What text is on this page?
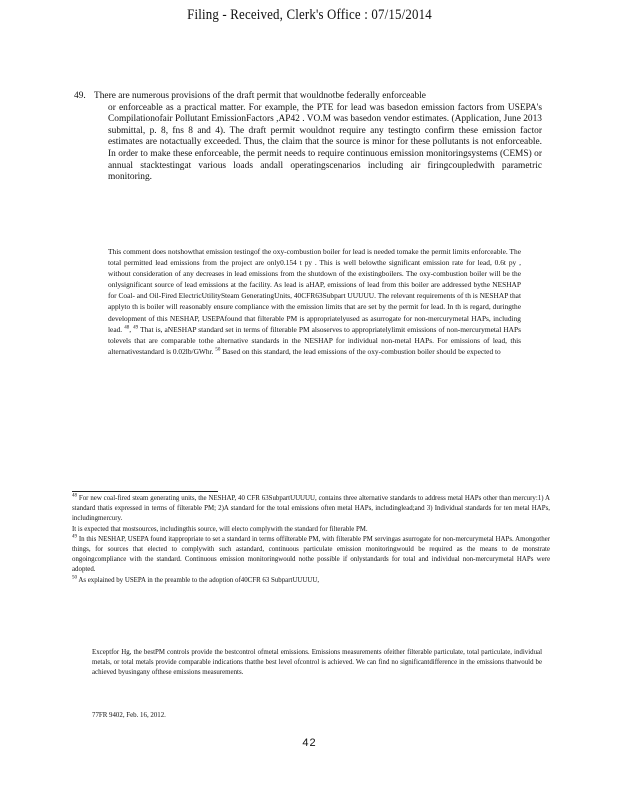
Filing - Received, Clerk's Office : 07/15/2014
49. There are numerous provisions of the draft permit that wouldnotbe federally enforceable
or enforceable as a practical matter. For example, the PTE for lead was basedon emission factors from USEPA's Compilationofair Pollutant EmissionFactors ,AP42 . VO.M was basedon vendor estimates. (Application, June 2013 submittal, p. 8, fns 8 and 4). The draft permit wouldnot require any testingto confirm these emission factor estimates are notactually exceeded. Thus, the claim that the source is minor for these pollutants is not enforceable. In order to make these enforceable, the permit needs to require continuous emission monitoringsystems (CEMS) or annual stacktestingat various loads andall operatingscenarios including air firingcoupledwith parametric monitoring.

This comment does notshowthat emission testingof the oxy-combustion boiler for lead is needed tomake the permit limits enforceable. The total permitted lead emissions from the project are only0.154 t py . This is well belowthe significant emission rate for lead, 0.6t py , without consideration of any decreases in lead emissions from the shutdown of the existingboilers. The oxy-combustion boiler will be the onlysignificant source of lead emissions at the facility. As lead is aHAP, emissions of lead from this boiler are addressed bythe NESHAP for Coal- and Oil-Fired ElectricUtilitySteam GeneratingUnits, 40CFR63Subpart UUUUU. The relevant requirements of th is NESHAP that applyto th is boiler will reasonably ensure compliance with the emission limits that are set by the permit for lead. In th is regard, duringthe development of this NESHAP, USEPAfound that filterable PM is appropriatelyused as asurrogate for non-mercurymetal HAPs, including lead. $^{48}$, $^{49}$ That is, aNESHAP standard set in terms of filterable PM alsoserves to appropriatelylimit emissions of non-mercurymetal HAPs tolevels that are comparable tothe alternative standards in the NESHAP for individual non-metal HAPs. For emissions of lead, this alternativestandard is 0.02lb/GWhr. $^{50}$ Based on this standard, the lead emissions of the oxy-combustion boiler should be expected to

$^{48}$ For new coal-fired steam generating units, the NESHAP, 40 CFR 63SubpartUUUUU, contains three alternative standards to address metal HAPs other than mercury:1) A standard thatis expressed in terms of filterable PM; 2)A standard for the total emissions often metal HAPs, includinglead;and 3) Individual standards for ten metal HAPs, includingmercury.

It is expected that mostsources, includingthis source, will electo complywith the standard for filterable PM.

$^{49}$ In this NESHAP, USEPA found itappropriate to set a standard in terms offilterable PM, with filterable PM servingas asurrogate for non-mercurymetal HAPs. Amongother things, for sources that elected to complywith such astandard, continuous particulate emission monitoringwould be required as the means to de monstrate ongoingcompliance with the standard. Continuous emission monitoringwould nothe possible if onlystandards for total and individual non-mercurymetal HAPs were adopted.

$^{50}$ As explained by USEPA in the preamble to the adoption of40CFR 63 SubpartUUUUU,

Exceptfor Hg, the bestPM controls provide the bestcontrol ofmetal emissions. Emissions measurements ofeither filterable particulate, total particulate, individual metals, or total metals provide comparable indications thatthe best level ofcontrol is achieved. We can find no significantdifference in the emissions thatwould be achieved byusingany ofthese emissions measurements.

77FR 9402, Feb. 16, 2012.
42
